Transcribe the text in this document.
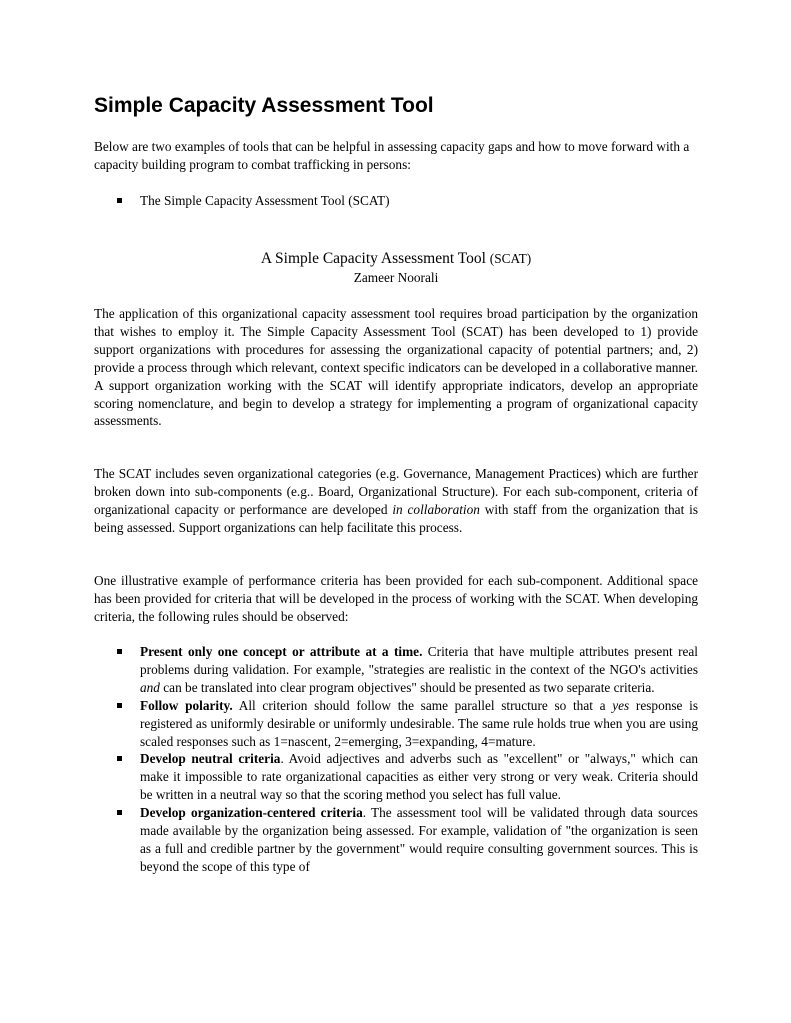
Simple Capacity Assessment Tool

Below are two examples of tools that can be helpful in assessing capacity gaps and how to move forward with a capacity building program to combat trafficking in persons:

The Simple Capacity Assessment Tool (SCAT)
A Simple Capacity Assessment Tool (SCAT)
Zameer Noorali

The application of this organizational capacity assessment tool requires broad participation by the organization that wishes to employ it. The Simple Capacity Assessment Tool (SCAT) has been developed to 1) provide support organizations with procedures for assessing the organizational capacity of potential partners; and, 2) provide a process through which relevant, context specific indicators can be developed in a collaborative manner. A support organization working with the SCAT will identify appropriate indicators, develop an appropriate scoring nomenclature, and begin to develop a strategy for implementing a program of organizational capacity assessments.

The SCAT includes seven organizational categories (e.g. Governance, Management Practices) which are further broken down into sub-components (e.g.. Board, Organizational Structure). For each sub-component, criteria of organizational capacity or performance are developed in collaboration with staff from the organization that is being assessed. Support organizations can help facilitate this process.

One illustrative example of performance criteria has been provided for each sub-component. Additional space has been provided for criteria that will be developed in the process of working with the SCAT. When developing criteria, the following rules should be observed:

Present only one concept or attribute at a time. Criteria that have multiple attributes present real problems during validation. For example, "strategies are realistic in the context of the NGO's activities and can be translated into clear program objectives" should be presented as two separate criteria.
Follow polarity. All criterion should follow the same parallel structure so that a yes response is registered as uniformly desirable or uniformly undesirable. The same rule holds true when you are using scaled responses such as 1=nascent, 2=emerging, 3=expanding, 4=mature.
Develop neutral criteria. Avoid adjectives and adverbs such as "excellent" or "always," which can make it impossible to rate organizational capacities as either very strong or very weak. Criteria should be written in a neutral way so that the scoring method you select has full value.
Develop organization-centered criteria. The assessment tool will be validated through data sources made available by the organization being assessed. For example, validation of "the organization is seen as a full and credible partner by the government" would require consulting government sources. This is beyond the scope of this type of
